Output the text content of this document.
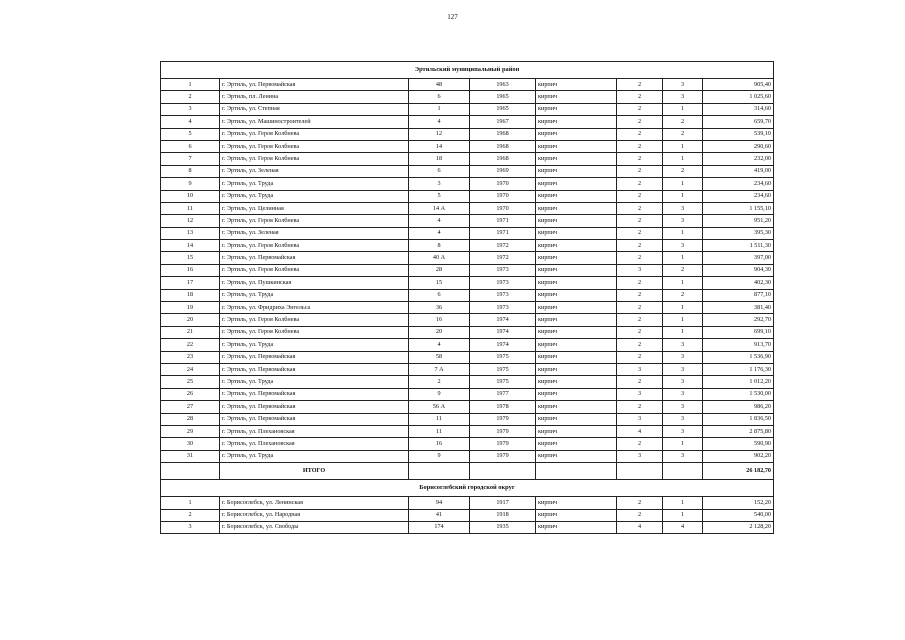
127
Эртильский муниципальный район							
1	г. Эртиль, ул. Первомайская	48	1963	кирпич	2	3	905,40
2	г. Эртиль, пл. Ленина	6	1965	кирпич	2	3	1 025,60
3	г. Эртиль, ул. Степная	1	1965	кирпич	2	1	314,60
4	г. Эртиль, ул. Машиностроителей	4	1967	кирпич	2	2	659,70
5	г. Эртиль, ул. Героя Колбнева	12	1968	кирпич	2	2	539,10
6	г. Эртиль, ул. Героя Колбнева	14	1968	кирпич	2	1	290,60
7	г. Эртиль, ул. Героя Колбнева	18	1968	кирпич	2	1	232,00
8	г. Эртиль, ул. Зеленая	6	1969	кирпич	2	2	419,00
9	г. Эртиль, ул. Труда	3	1970	кирпич	2	1	234,60
10	г. Эртиль, ул. Труда	5	1970	кирпич	2	1	234,60
11	г. Эртиль, ул. Целинная	14 А	1970	кирпич	2	3	1 155,10
12	г. Эртиль, ул. Героя Колбнева	4	1971	кирпич	2	3	951,20
13	г. Эртиль, ул. Зеленая	4	1971	кирпич	2	1	395,30
14	г. Эртиль, ул. Героя Колбнева	8	1972	кирпич	2	3	1 511,30
15	г. Эртиль, ул. Первомайская	40 А	1972	кирпич	2	1	397,00
16	г. Эртиль, ул. Героя Колбнева	28	1973	кирпич	3	2	904,30
17	г. Эртиль, ул. Пушкинская	15	1973	кирпич	2	1	402,30
18	г. Эртиль, ул. Труда	6	1973	кирпич	2	2	877,10
19	г. Эртиль, ул. Фридриха Энгельса	36	1973	кирпич	2	1	381,40
20	г. Эртиль, ул. Героя Колбнева	16	1974	кирпич	2	1	292,70
21	г. Эртиль, ул. Героя Колбнева	20	1974	кирпич	2	1	699,10
22	г. Эртиль, ул. Труда	4	1974	кирпич	2	3	913,70
23	г. Эртиль, ул. Первомайская	58	1975	кирпич	2	3	1 536,90
24	г. Эртиль, ул. Первомайская	7 А	1975	кирпич	3	3	1 176,30
25	г. Эртиль, ул. Труда	2	1975	кирпич	2	3	1 012,20
26	г. Эртиль, ул. Первомайская	9	1977	кирпич	3	3	1 530,00
27	г. Эртиль, ул. Первомайская	56 А	1978	кирпич	2	3	986,20
28	г. Эртиль, ул. Первомайская	11	1979	кирпич	3	3	1 836,50
29	г. Эртиль, ул. Плехановская	11	1979	кирпич	4	3	2 875,80
30	г. Эртиль, ул. Плехановская	16	1979	кирпич	2	1	590,90
31	г. Эртиль, ул. Труда	9	1979	кирпич	3	3	902,20
	ИТОГО						26 182,70
Борисоглебский городской округ							
1	г. Борисоглебск, ул. Ленинская	94	1917	кирпич	2	1	152,20
2	г. Борисоглебск, ул. Народная	41	1918	кирпич	2	1	540,00
3	г. Борисоглебск, ул. Свободы	174	1935	кирпич	4	4	2 128,20
